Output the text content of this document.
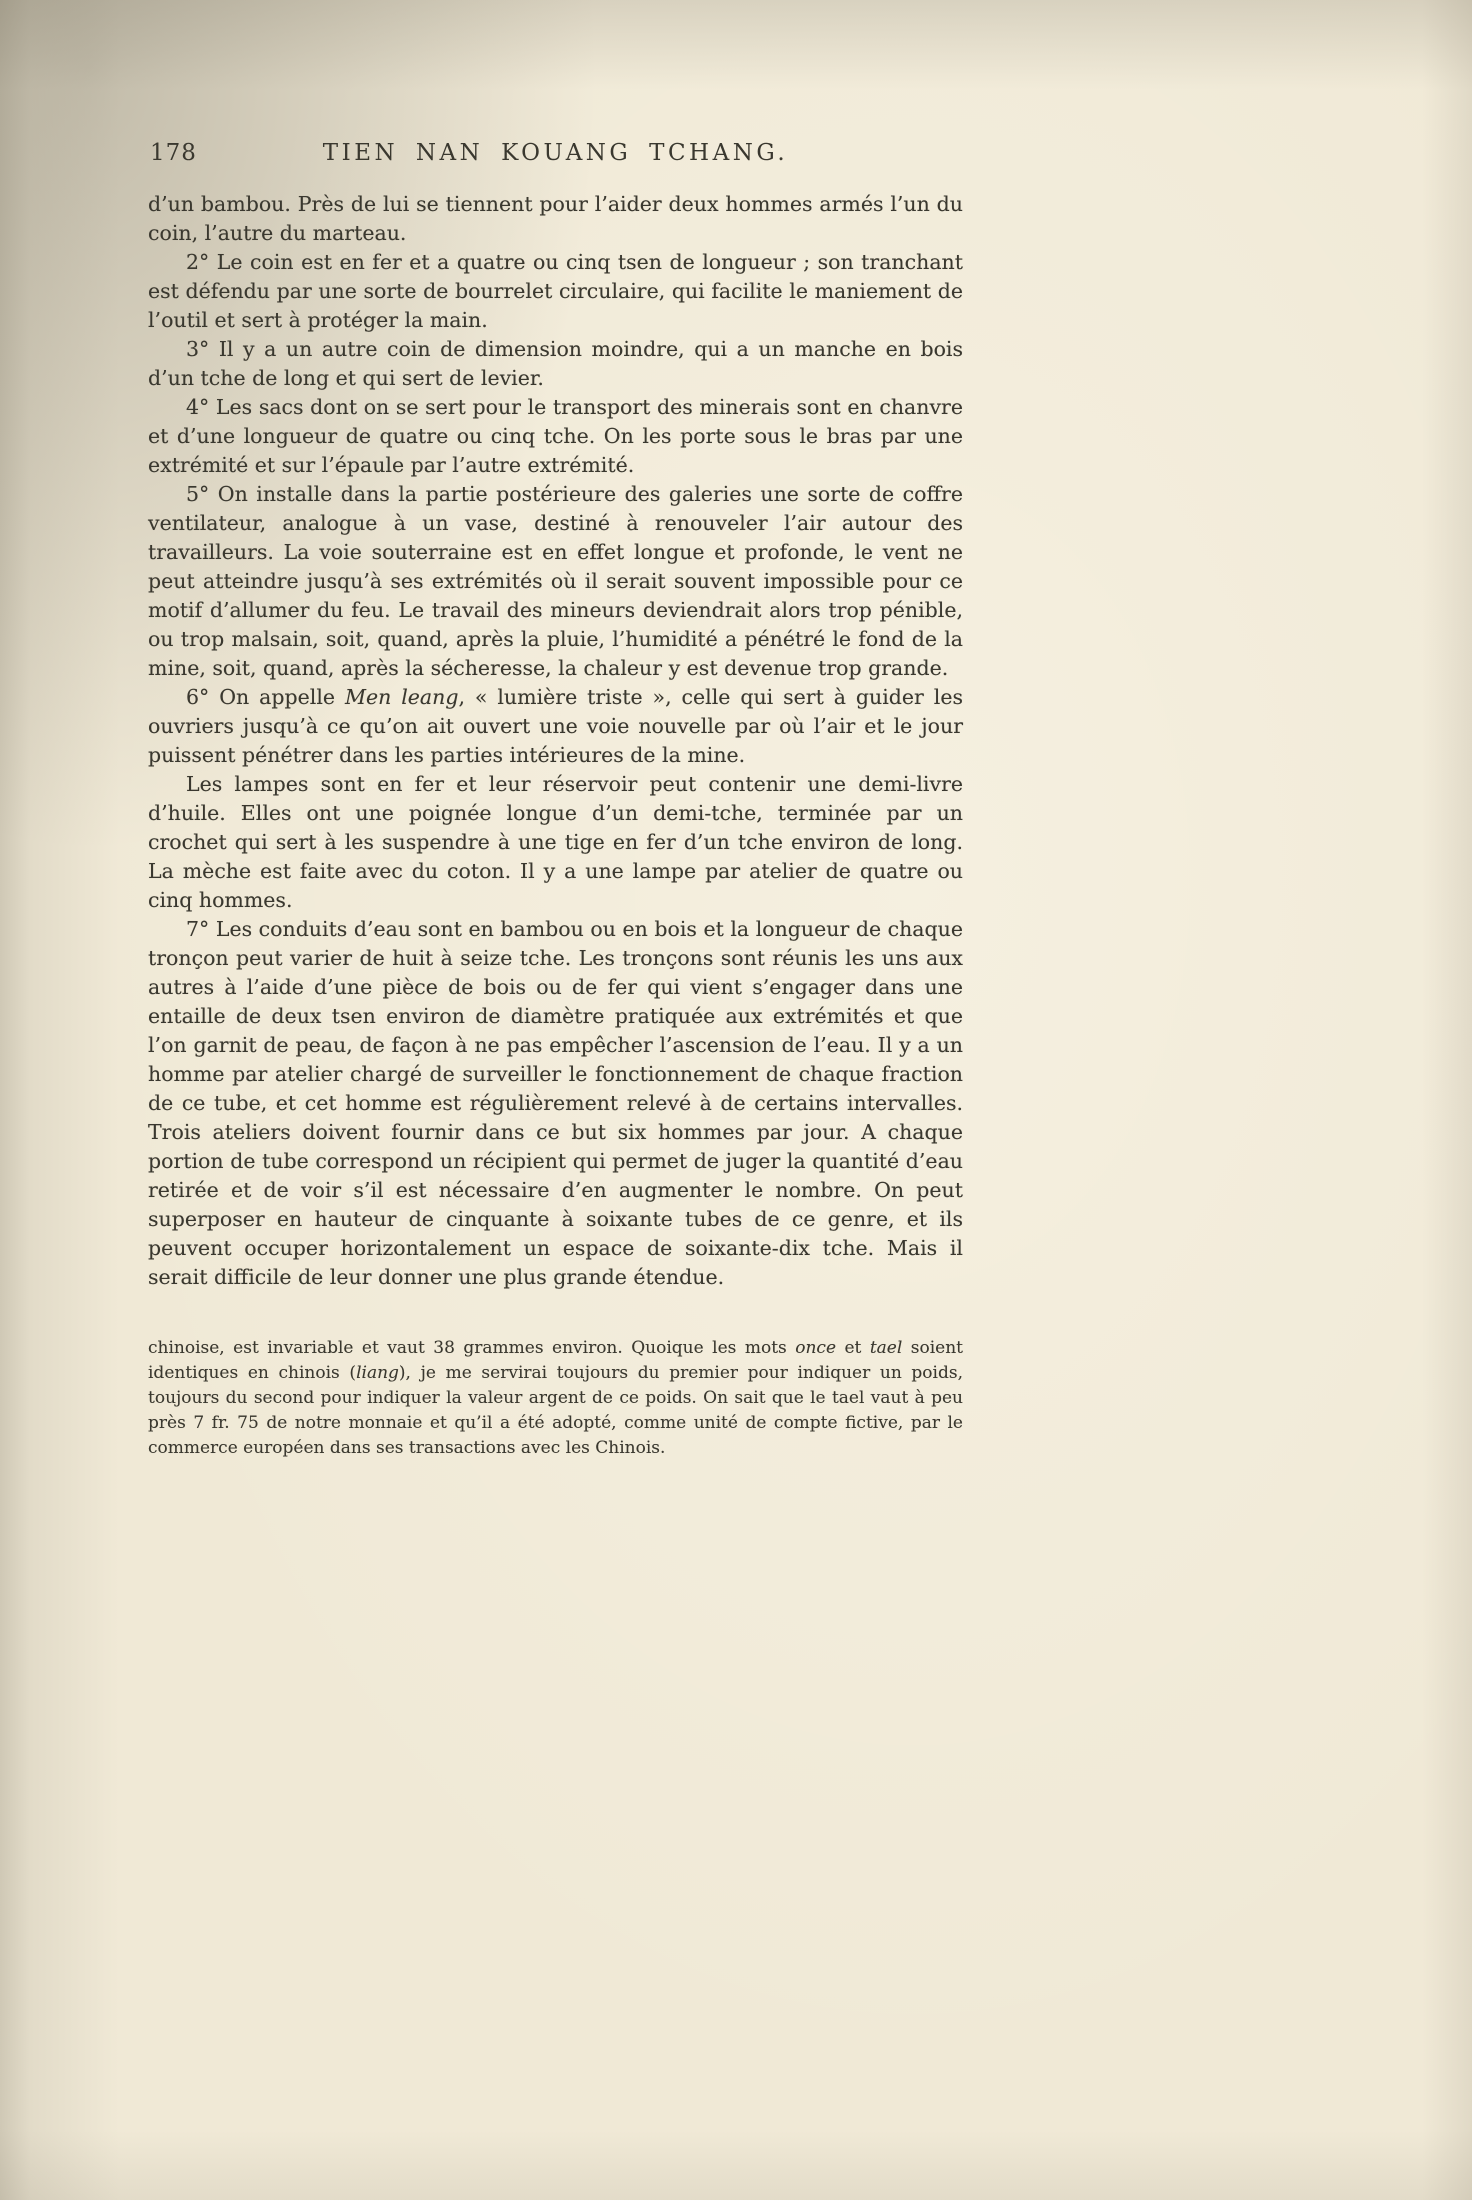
178	TIEN NAN KOUANG TCHANG.

d’un bambou. Près de lui se tiennent pour l’aider deux hommes armés l’un du coin, l’autre du marteau.

2° Le coin est en fer et a quatre ou cinq tsen de longueur ; son tranchant est défendu par une sorte de bourrelet circulaire, qui facilite le maniement de l’outil et sert à protéger la main.

3° Il y a un autre coin de dimension moindre, qui a un manche en bois d’un tche de long et qui sert de levier.

4° Les sacs dont on se sert pour le transport des minerais sont en chanvre et d’une longueur de quatre ou cinq tche. On les porte sous le bras par une extrémité et sur l’épaule par l’autre extrémité.

5° On installe dans la partie postérieure des galeries une sorte de coffre ventilateur, analogue à un vase, destiné à renouveler l’air autour des travailleurs. La voie souterraine est en effet longue et profonde, le vent ne peut atteindre jusqu’à ses extrémités où il serait souvent impossible pour ce motif d’allumer du feu. Le travail des mineurs deviendrait alors trop pénible, ou trop malsain, soit, quand, après la pluie, l’humidité a pénétré le fond de la mine, soit, quand, après la sécheresse, la chaleur y est devenue trop grande.

6° On appelle Men leang, « lumière triste », celle qui sert à guider les ouvriers jusqu’à ce qu’on ait ouvert une voie nouvelle par où l’air et le jour puissent pénétrer dans les parties intérieures de la mine.

Les lampes sont en fer et leur réservoir peut contenir une demi-livre d’huile. Elles ont une poignée longue d’un demi-tche, terminée par un crochet qui sert à les suspendre à une tige en fer d’un tche environ de long. La mèche est faite avec du coton. Il y a une lampe par atelier de quatre ou cinq hommes.

7° Les conduits d’eau sont en bambou ou en bois et la longueur de chaque tronçon peut varier de huit à seize tche. Les tronçons sont réunis les uns aux autres à l’aide d’une pièce de bois ou de fer qui vient s’engager dans une entaille de deux tsen environ de diamètre pratiquée aux extrémités et que l’on garnit de peau, de façon à ne pas empêcher l’ascension de l’eau. Il y a un homme par atelier chargé de surveiller le fonctionnement de chaque fraction de ce tube, et cet homme est régulièrement relevé à de certains intervalles. Trois ateliers doivent fournir dans ce but six hommes par jour. A chaque portion de tube correspond un récipient qui permet de juger la quantité d’eau retirée et de voir s’il est nécessaire d’en augmenter le nombre. On peut superposer en hauteur de cinquante à soixante tubes de ce genre, et ils peuvent occuper horizontalement un espace de soixante-dix tche. Mais il serait difficile de leur donner une plus grande étendue.

chinoise, est invariable et vaut 38 grammes environ. Quoique les mots once et tael soient identiques en chinois (liang), je me servirai toujours du premier pour indiquer un poids, toujours du second pour indiquer la valeur argent de ce poids. On sait que le tael vaut à peu près 7 fr. 75 de notre monnaie et qu’il a été adopté, comme unité de compte fictive, par le commerce européen dans ses transactions avec les Chinois.
